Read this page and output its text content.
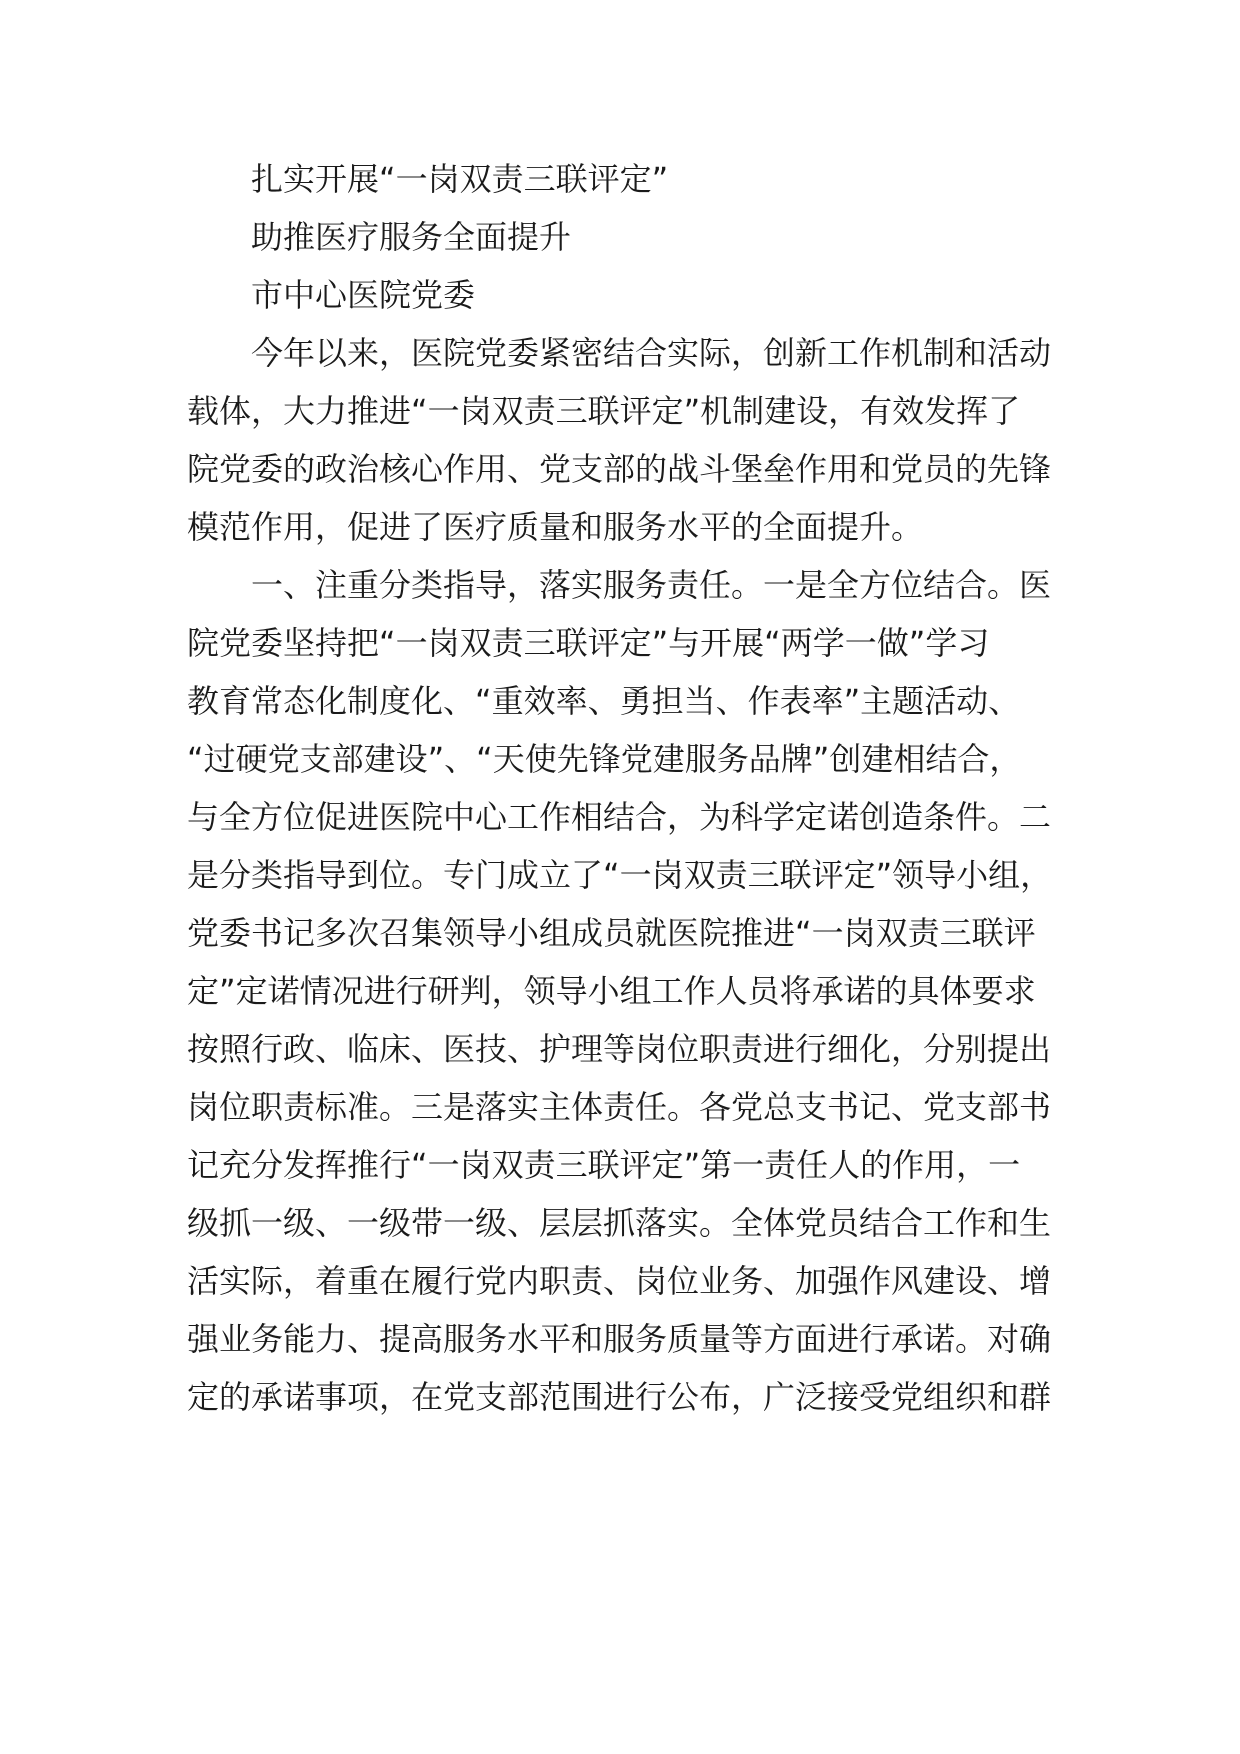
扎实开展“一岗双责三联评定”

助推医疗服务全面提升

市中心医院党委

今年以来，医院党委紧密结合实际，创新工作机制和活动

载体，大力推进“一岗双责三联评定”机制建设，有效发挥了

院党委的政治核心作用、党支部的战斗堡垒作用和党员的先锋

模范作用，促进了医疗质量和服务水平的全面提升。

一、注重分类指导，落实服务责任。一是全方位结合。医

院党委坚持把“一岗双责三联评定”与开展“两学一做”学习

教育常态化制度化、“重效率、勇担当、作表率”主题活动、

“过硬党支部建设”、“天使先锋党建服务品牌”创建相结合，

与全方位促进医院中心工作相结合，为科学定诺创造条件。二

是分类指导到位。专门成立了“一岗双责三联评定”领导小组，

党委书记多次召集领导小组成员就医院推进“一岗双责三联评

定”定诺情况进行研判，领导小组工作人员将承诺的具体要求

按照行政、临床、医技、护理等岗位职责进行细化，分别提出

岗位职责标准。三是落实主体责任。各党总支书记、党支部书

记充分发挥推行“一岗双责三联评定”第一责任人的作用，一

级抓一级、一级带一级、层层抓落实。全体党员结合工作和生

活实际，着重在履行党内职责、岗位业务、加强作风建设、增

强业务能力、提高服务水平和服务质量等方面进行承诺。对确

定的承诺事项，在党支部范围进行公布，广泛接受党组织和群
